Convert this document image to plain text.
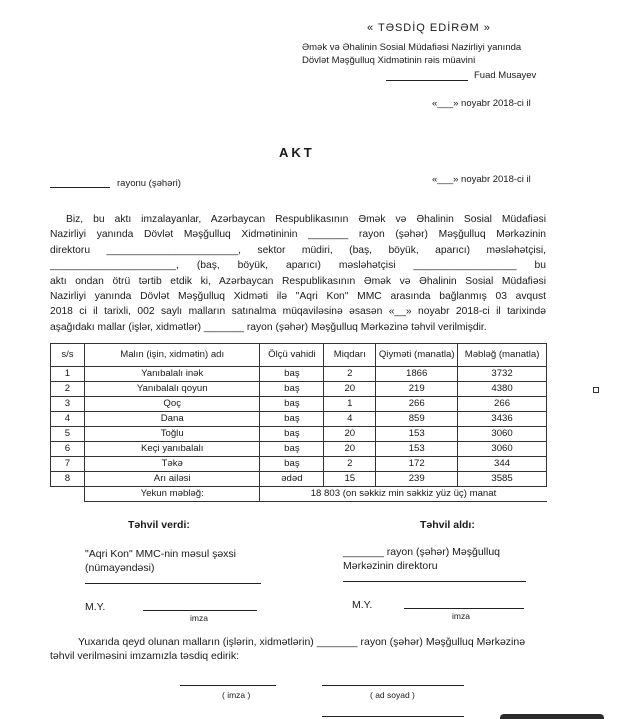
« TƏSDİQ EDİRƏM »
Əmək və Əhalinin Sosial Müdafiəsi Nazirliyi yanında
Dövlət Məşğulluq Xidmətinin rəis müavini
Fuad Musayev
«___» noyabr 2018-ci il
AKT
rayonu (şəhəri)	«___» noyabr 2018-ci il
Biz, bu aktı imzalayanlar, Azərbaycan Respublikasının Əmək və Əhalinin Sosial Müdafiəsi
Nazirliyi yanında Dövlət Məşğulluq Xidmətininin _______ rayon (şəhər) Məşğulluq Mərkəzinin
direktoru _______________________, sektor müdiri, (baş, böyük, aparıcı) məsləhətçisi,
______________________, (baş, böyük, aparıcı) məsləhətçisi __________________ bu
aktı ondan ötrü tərtib etdik ki, Azərbaycan Respublikasının Əmək və Əhalinin Sosial Müdafiəsi
Nazirliyi yanında Dövlət Məşğulluq Xidməti ilə "Aqri Kon" MMC arasında bağlanmış 03 avqust
2018 ci il tarixli, 002 saylı malların satınalma müqaviləsinə əsasən «__» noyabr 2018-ci il tarixində
aşağıdakı mallar (işlər, xidmətlər) _______ rayon (şəhər) Məşğulluq Mərkəzinə təhvil verilmişdir.
s/s	Malın (işin, xidmətin) adı	Ölçü vahidi	Miqdarı	Qiyməti (manatla)	Məbləğ (manatla)
1	Yanıbalalı inək	baş	2	1866	3732
2	Yanıbalalı qoyun	baş	20	219	4380
3	Qoç	baş	1	266	266
4	Dana	baş	4	859	3436
5	Toğlu	baş	20	153	3060
6	Keçi yanıbalalı	baş	20	153	3060
7	Təkə	baş	2	172	344
8	Arı ailəsi	ədəd	15	239	3585
	Yekun məbləğ:	18 803 (on səkkiz min səkkiz yüz üç) manat			
Təhvil verdi:	Təhvil aldı:
"Aqri Kon" MMC-nin məsul şəxsi
(nümayəndəsi)
_______ rayon (şəhər) Məşğulluq
Mərkəzinin direktoru
M.Y.
imza
M.Y.
imza
Yuxarıda qeyd olunan malların (işlərin, xidmətlərin) _______ rayon (şəhər) Məşğulluq Mərkəzinə
təhvil verilməsini imzamızla təsdiq edirik:
( imza )	( ad soyad )
